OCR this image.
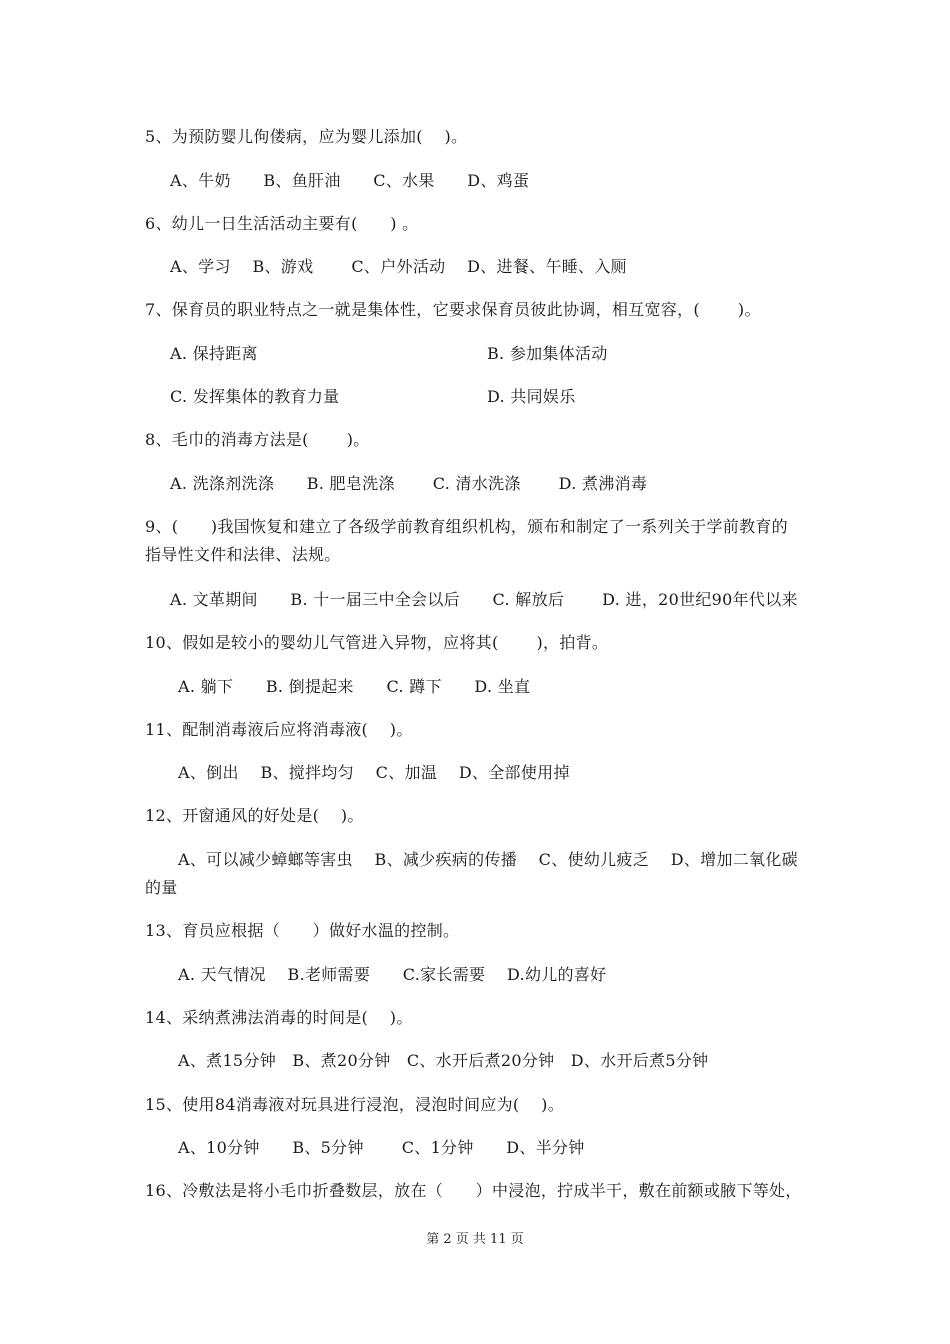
5、为预防婴儿佝偻病，应为婴儿添加(　 )。
A、牛奶　　B、鱼肝油　　C、水果　　D、鸡蛋
6、幼儿一日生活活动主要有(　　) 。
A、学习　 B、游戏　　 C、户外活动　 D、进餐、午睡、入厕
7、保育员的职业特点之一就是集体性，它要求保育员彼此协调，相互宽容，(　　 )。
A. 保持距离	B. 参加集体活动
C. 发挥集体的教育力量	D. 共同娱乐
8、毛巾的消毒方法是(　　 )。
A. 洗涤剂洗涤　　B. 肥皂洗涤　　 C. 清水洗涤　　 D. 煮沸消毒
9、(　　)我国恢复和建立了各级学前教育组织机构，颁布和制定了一系列关于学前教育的
指导性文件和法律、法规。
A. 文革期间　　B. 十一届三中全会以后　　C. 解放后　　 D. 进，20世纪90年代以来
10、假如是较小的婴幼儿气管进入异物，应将其(　　 )，拍背。
A. 躺下　　B. 倒提起来　　C. 蹲下　　D. 坐直
11、配制消毒液后应将消毒液(　 )。
A、倒出　 B、搅拌均匀　 C、加温　 D、全部使用掉
12、开窗通风的好处是(　 )。
A、可以减少蟑螂等害虫　 B、减少疾病的传播　 C、使幼儿疲乏　 D、增加二氧化碳
的量
13、育员应根据（　　）做好水温的控制。
A. 天气情况　 B.老师需要　　C.家长需要　 D.幼儿的喜好
14、采纳煮沸法消毒的时间是(　 )。
A、煮15分钟　B、煮20分钟　C、水开后煮20分钟　D、水开后煮5分钟
15、使用84消毒液对玩具进行浸泡，浸泡时间应为(　 )。
A、10分钟　　B、5分钟　　 C、1分钟　　D、半分钟
16、冷敷法是将小毛巾折叠数层，放在（　　）中浸泡，拧成半干，敷在前额或腋下等处，
第 2 页 共 11 页
